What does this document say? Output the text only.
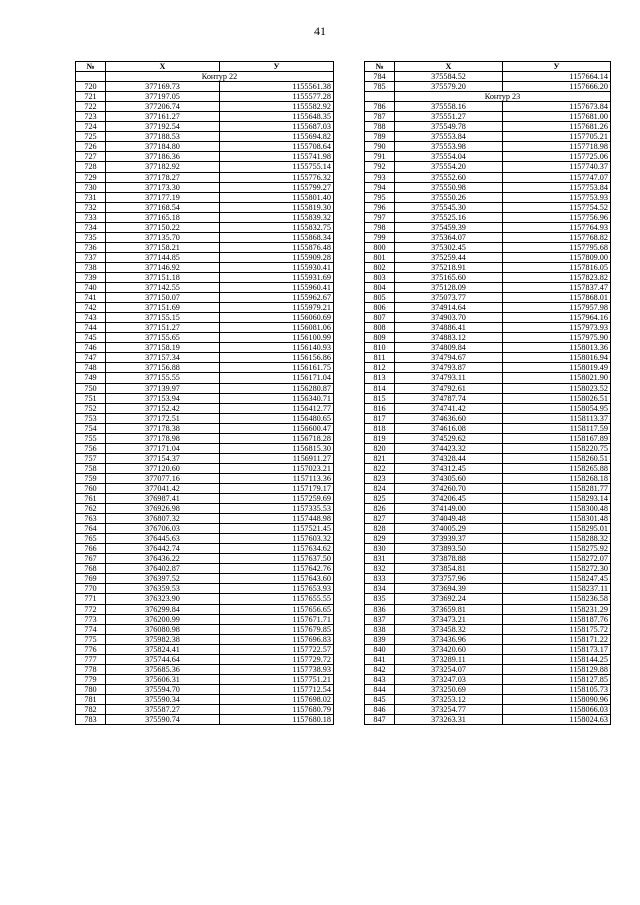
41
№	X	У
	Контур 22	
720	377169.73	1155561.38
721	377197.05	1155577.28
722	377206.74	1155582.92
723	377161.27	1155648.35
724	377192.54	1155687.03
725	377188.53	1155694.82
726	377184.80	1155708.64
727	377186.36	1155741.98
728	377182.92	1155755.14
729	377178.27	1155776.32
730	377173.30	1155799.27
731	377177.19	1155801.40
732	377168.54	1155819.30
733	377165.18	1155839.32
734	377150.22	1155832.75
735	377135.70	1155868.34
736	377158.21	1155876.48
737	377144.85	1155909.28
738	377146.92	1155930.41
739	377151.18	1155931.69
740	377142.55	1155960.41
741	377150.07	1155962.67
742	377151.69	1155979.21
743	377155.15	1156060.69
744	377151.27	1156081.06
745	377155.65	1156100.99
746	377158.19	1156140.93
747	377157.34	1156156.86
748	377156.88	1156161.75
749	377155.55	1156171.04
750	377139.97	1156280.87
751	377153.94	1156340.71
752	377152.42	1156412.77
753	377172.51	1156480.65
754	377178.38	1156600.47
755	377178.98	1156718.28
756	377171.04	1156815.30
757	377154.37	1156911.27
758	377120.60	1157023.21
759	377077.16	1157113.36
760	377041.42	1157179.17
761	376987.41	1157259.69
762	376926.98	1157335.53
763	376807.32	1157448.98
764	376706.03	1157521.45
765	376445.63	1157603.32
766	376442.74	1157634.62
767	376436.22	1157637.50
768	376402.87	1157642.76
769	376397.52	1157643.60
770	376359.53	1157653.93
771	376323.90	1157655.55
772	376299.84	1157656.65
773	376200.99	1157671.71
774	376080.98	1157679.85
775	375982.38	1157696.83
776	375824.41	1157722.57
777	375744.64	1157729.72
778	375685.36	1157738.93
779	375606.31	1157751.21
780	375594.70	1157712.54
781	375590.34	1157698.02
782	375587.27	1157680.79
783	375590.74	1157680.18
№	X	У
784	375584.52	1157664.14
785	375579.20	1157666.20
	Контур 23	
786	375558.16	1157673.84
787	375551.27	1157681.00
788	375549.78	1157681.26
789	375553.84	1157705.21
790	375553.98	1157718.98
791	375554.04	1157725.06
792	375554.20	1157740.37
793	375552.60	1157747.07
794	375550.98	1157753.84
795	375550.26	1157753.93
796	375545.30	1157754.52
797	375525.16	1157756.96
798	375459.39	1157764.93
799	375364.07	1157768.82
800	375302.45	1157795.68
801	375259.44	1157809.00
802	375218.91	1157816.05
803	375165.60	1157823.82
804	375128.09	1157837.47
805	375073.77	1157868.01
806	374914.64	1157957.98
807	374903.70	1157964.16
808	374886.41	1157973.93
809	374883.12	1157975.90
810	374809.84	1158013.36
811	374794.67	1158016.94
812	374793.87	1158019.49
813	374793.11	1158021.90
814	374792.61	1158023.52
815	374787.74	1158026.51
816	374741.42	1158054.95
817	374636.60	1158113.37
818	374616.08	1158117.59
819	374529.62	1158167.89
820	374423.32	1158220.75
821	374328.44	1158260.51
822	374312.45	1158265.88
823	374305.60	1158268.18
824	374260.70	1158281.77
825	374206.45	1158293.14
826	374149.00	1158300.48
827	374049.48	1158301.48
828	374005.29	1158295.01
829	373939.37	1158288.32
830	373893.50	1158275.92
831	373878.88	1158272.07
832	373854.81	1158272.30
833	373757.96	1158247.45
834	373694.39	1158237.11
835	373692.24	1158236.58
836	373659.81	1158231.29
837	373473.21	1158187.76
838	373458.32	1158175.72
839	373436.96	1158171.22
840	373420.60	1158173.17
841	373289.11	1158144.25
842	373254.07	1158129.88
843	373247.03	1158127.85
844	373250.69	1158105.73
845	373253.12	1158090.96
846	373254.77	1158066.03
847	373263.31	1158024.63
